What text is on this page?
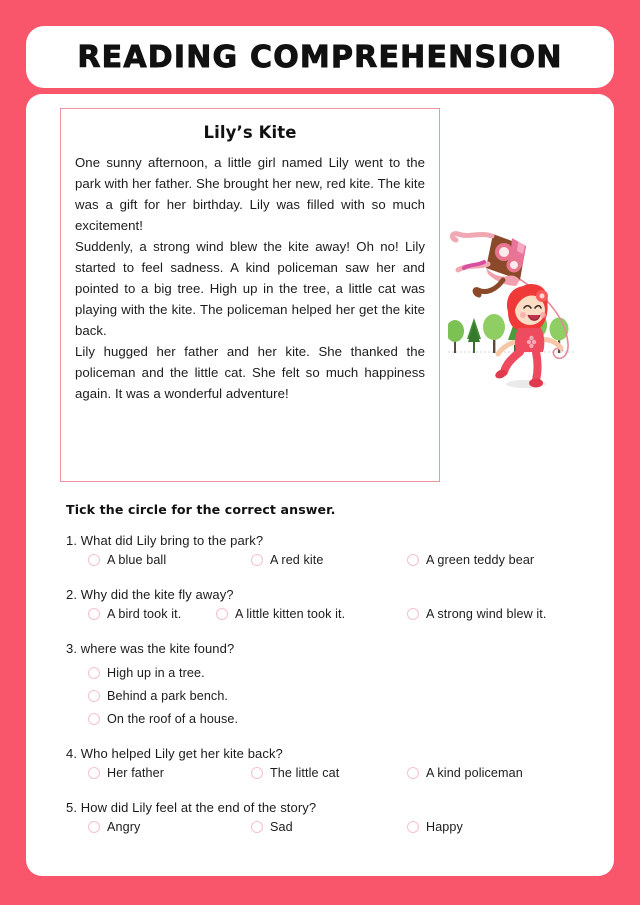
READING COMPREHENSION
Lily’s Kite

One sunny afternoon, a little girl named Lily went to the park with her father. She brought her new, red kite. The kite was a gift for her birthday. Lily was filled with so much excitement!

Suddenly, a strong wind blew the kite away! Oh no! Lily started to feel sadness. A kind policeman saw her and pointed to a big tree. High up in the tree, a little cat was playing with the kite. The policeman helped her get the kite back.

Lily hugged her father and her kite. She thanked the policeman and the little cat. She felt so much happiness again. It was a wonderful adventure!

Tick the circle for the correct answer.
1. What did Lily bring to the park?
A blue ball	A red kite	A green teddy bear
2. Why did the kite fly away?
A bird took it.	A little kitten took it.	A strong wind blew it.
3. where was the kite found?
High up in a tree.
Behind a park bench.
On the roof of a house.
4. Who helped Lily get her kite back?
Her father	The little cat	A kind policeman
5. How did Lily feel at the end of the story?
Angry	Sad	Happy
